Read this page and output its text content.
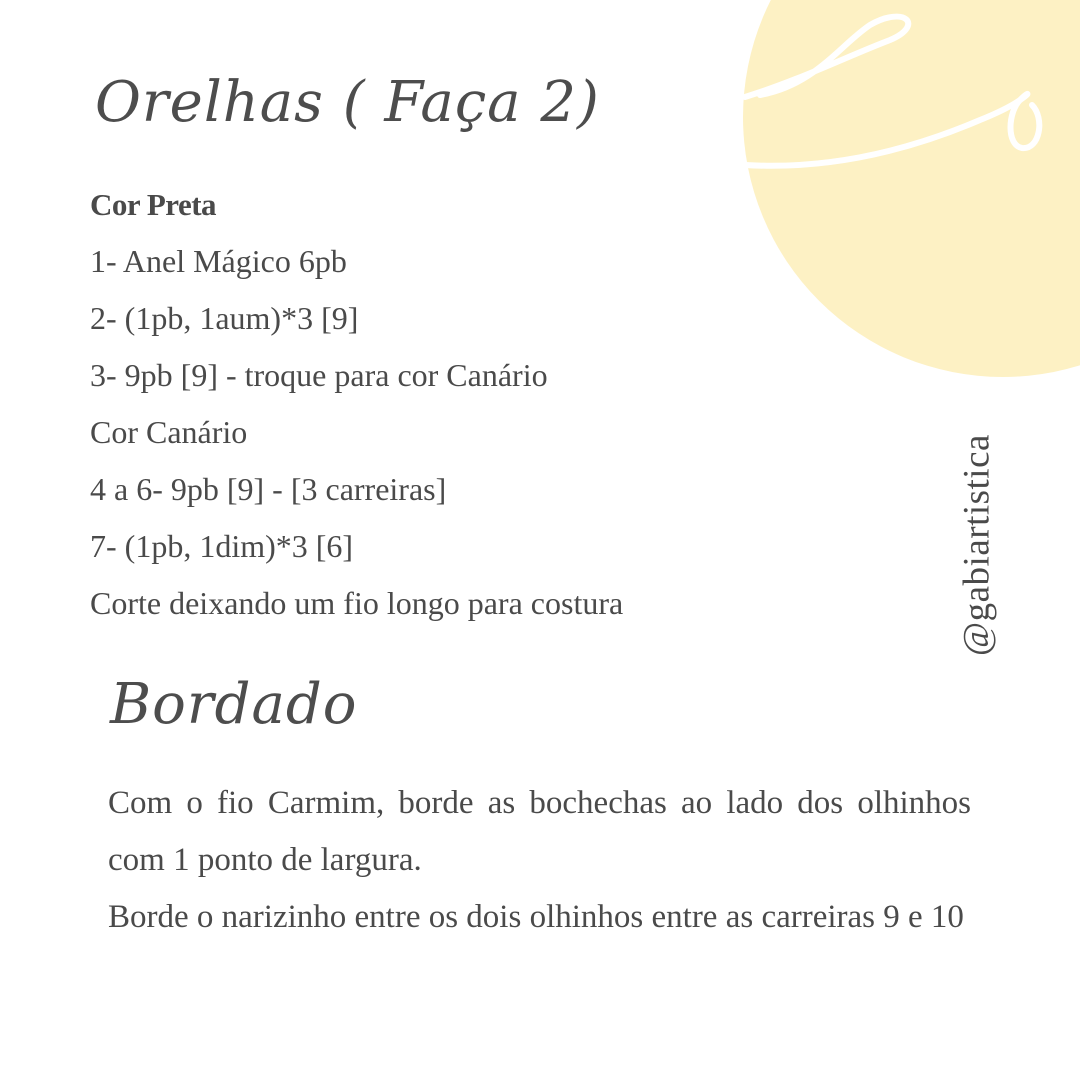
Orelhas ( Faça 2)
Cor Preta
1- Anel Mágico 6pb
2- (1pb, 1aum)*3 [9]
3- 9pb [9] - troque para cor Canário
Cor Canário
4 a 6- 9pb [9] - [3 carreiras]
7- (1pb, 1dim)*3 [6]
Corte deixando um fio longo para costura
Bordado

Com o fio Carmim, borde as bochechas ao lado dos olhinhos com 1 ponto de largura.

Borde o narizinho entre os dois olhinhos entre as carreiras 9 e 10

@gabiartistica
